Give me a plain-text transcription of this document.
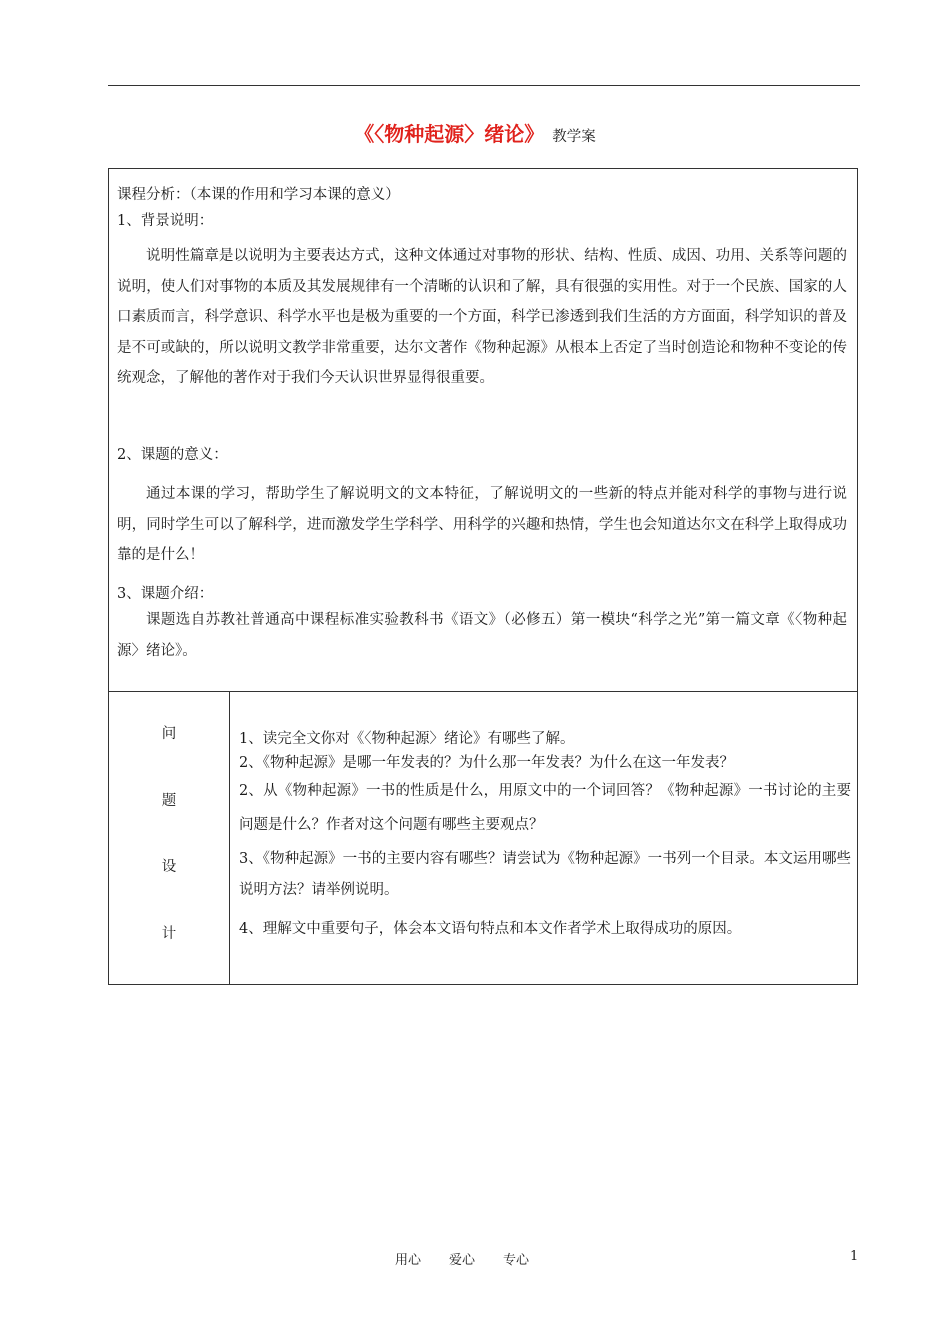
《〈物种起源〉绪论》 教学案
课程分析：（本课的作用和学习本课的意义）
1、背景说明：
说明性篇章是以说明为主要表达方式，这种文体通过对事物的形状、结构、性质、成因、功用、关系等问题的说明，使人们对事物的本质及其发展规律有一个清晰的认识和了解，具有很强的实用性。对于一个民族、国家的人口素质而言，科学意识、科学水平也是极为重要的一个方面，科学已渗透到我们生活的方方面面，科学知识的普及是不可或缺的，所以说明文教学非常重要，达尔文著作《物种起源》从根本上否定了当时创造论和物种不变论的传统观念，了解他的著作对于我们今天认识世界显得很重要。
2、课题的意义：
通过本课的学习，帮助学生了解说明文的文本特征，了解说明文的一些新的特点并能对科学的事物与进行说明，同时学生可以了解科学，进而激发学生学科学、用科学的兴趣和热情，学生也会知道达尔文在科学上取得成功靠的是什么！
3、课题介绍：
课题选自苏教社普通高中课程标准实验教科书《语文》（必修五）第一模块“科学之光”第一篇文章《〈物种起源〉绪论》。
问
题
设
计
1、读完全文你对《〈物种起源〉绪论》有哪些了解。
2、《物种起源》是哪一年发表的？为什么那一年发表？为什么在这一年发表？
2、从《物种起源》一书的性质是什么，用原文中的一个词回答？《物种起源》一书讨论的主要问题是什么？作者对这个问题有哪些主要观点？
3、《物种起源》一书的主要内容有哪些？请尝试为《物种起源》一书列一个目录。本文运用哪些说明方法？请举例说明。
4、理解文中重要句子，体会本文语句特点和本文作者学术上取得成功的原因。
用心 爱心 专心	1
